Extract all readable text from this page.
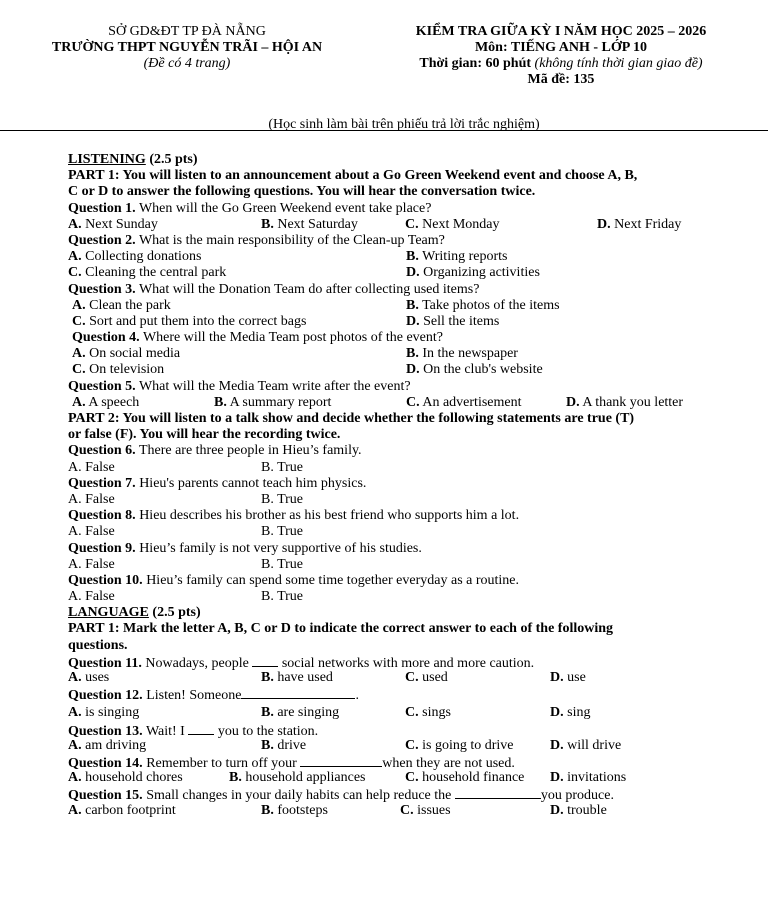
SỞ GD&ĐT TP ĐÀ NẴNG
TRƯỜNG THPT NGUYỄN TRÃI – HỘI AN
(Đề có 4 trang)
KIỂM TRA GIỮA KỲ I NĂM HỌC 2025 – 2026
Môn: TIẾNG ANH - LỚP 10
Thời gian: 60 phút (không tính thời gian giao đề)
Mã đề: 135
(Học sinh làm bài trên phiếu trả lời trắc nghiệm)
LISTENING (2.5 pts)
PART 1: You will listen to an announcement about a Go Green Weekend event and choose A, B,
C or D to answer the following questions. You will hear the conversation twice.
Question 1. When will the Go Green Weekend event take place?
A. Next Sunday	B. Next Saturday	C. Next Monday	D. Next Friday
Question 2. What is the main responsibility of the Clean-up Team?
A. Collecting donations	B. Writing reports
C. Cleaning the central park	D. Organizing activities
Question 3. What will the Donation Team do after collecting used items?
A. Clean the park	B. Take photos of the items
C. Sort and put them into the correct bags	D. Sell the items
Question 4. Where will the Media Team post photos of the event?
A. On social media	B. In the newspaper
C. On television	D. On the club's website
Question 5. What will the Media Team write after the event?
A. A speech	B. A summary report	C. An advertisement	D. A thank you letter
PART 2: You will listen to a talk show and decide whether the following statements are true (T)
or false (F). You will hear the recording twice.
Question 6. There are three people in Hieu’s family.
A. False	B. True
Question 7. Hieu's parents cannot teach him physics.
A. False	B. True
Question 8. Hieu describes his brother as his best friend who supports him a lot.
A. False	B. True
Question 9. Hieu’s family is not very supportive of his studies.
A. False	B. True
Question 10. Hieu’s family can spend some time together everyday as a routine.
A. False	B. True
LANGUAGE (2.5 pts)
PART 1: Mark the letter A, B, C or D to indicate the correct answer to each of the following
questions.
Question 11. Nowadays, people social networks with more and more caution.
A. uses	B. have used	C. used	D. use
Question 12. Listen! Someone	.
A. is singing	B. are singing	C. sings	D. sing
Question 13. Wait! I you to the station.
A. am driving	B. drive	C. is going to drive	D. will drive
Question 14. Remember to turn off your	when they are not used.
A. household chores	B. household appliances	C. household finance D. invitations
Question 15. Small changes in your daily habits can help reduce the	you produce.
A. carbon footprint	B. footsteps	C. issues	D. trouble
